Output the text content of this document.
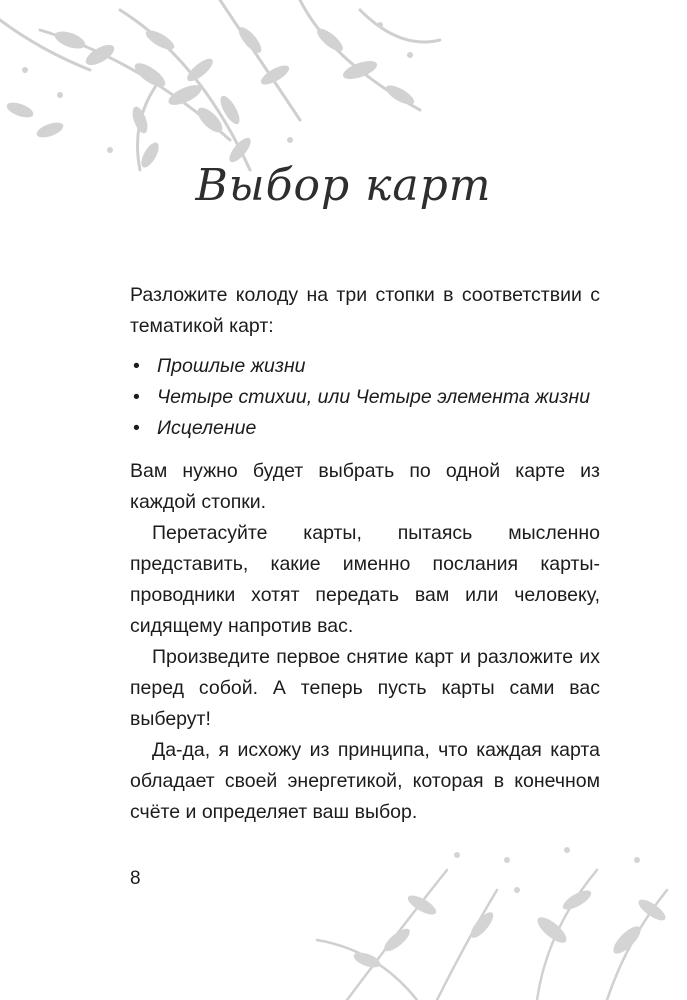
Выбор карт

Разложите колоду на три стопки в соответствии с тематикой карт:

• Прошлые жизни
• Четыре стихии, или Четыре элемента жизни
• Исцеление

Вам нужно будет выбрать по одной карте из каждой стопки.

Перетасуйте карты, пытаясь мысленно представить, какие именно послания карты-проводники хотят передать вам или человеку, сидящему напротив вас.

Произведите первое снятие карт и разложите их перед собой. А теперь пусть карты сами вас выберут!

Да-да, я исхожу из принципа, что каждая карта обладает своей энергетикой, которая в конечном счёте и определяет ваш выбор.

8
